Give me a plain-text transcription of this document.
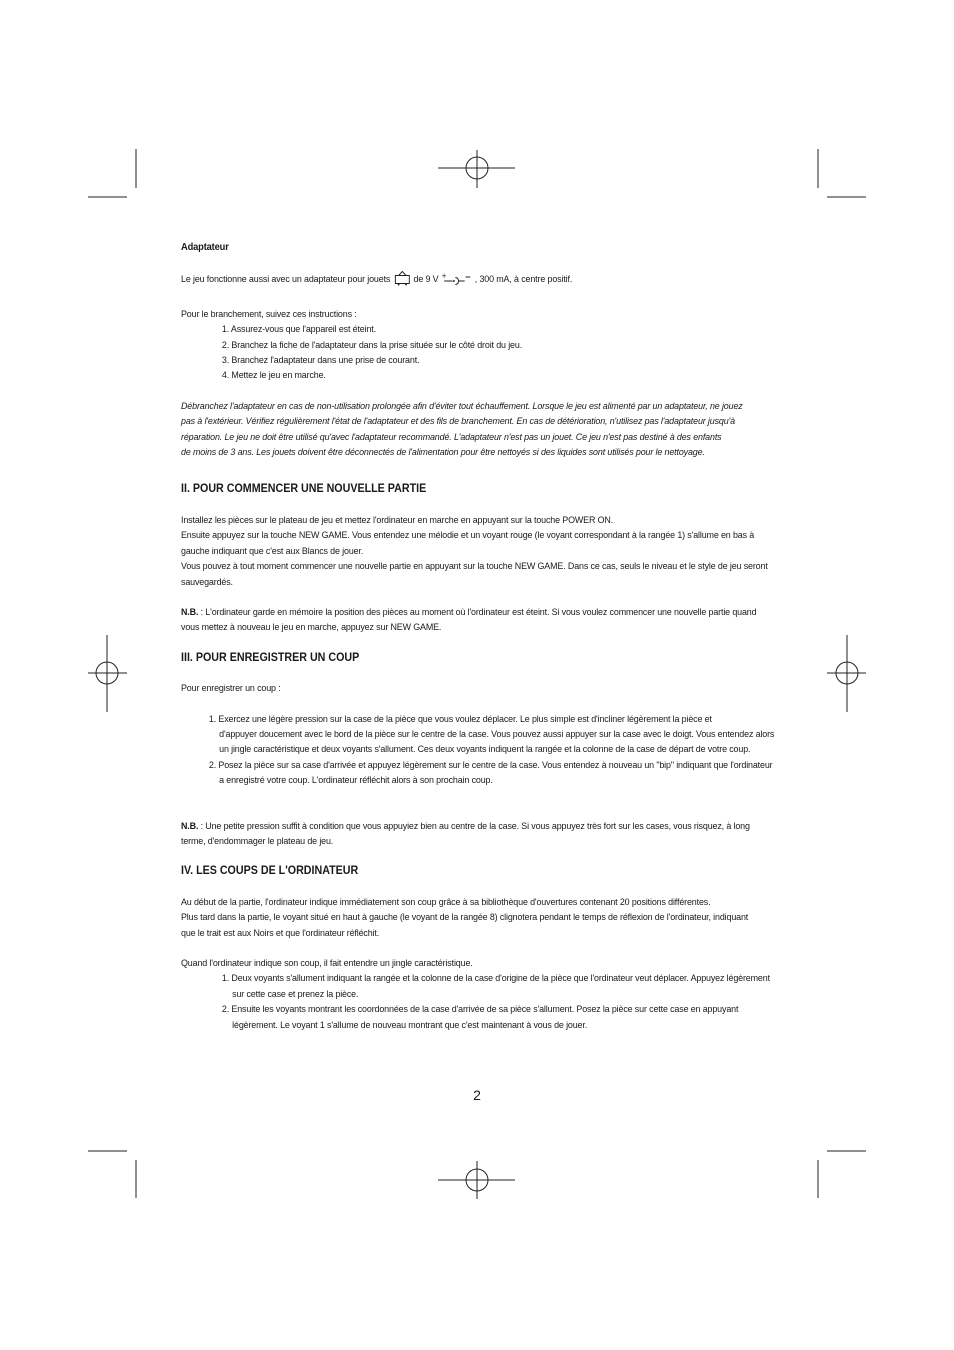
Adaptateur

Le jeu fonctionne aussi avec un adaptateur pour jouets de 9 V +	, 300 mA, à centre positif.

Pour le branchement, suivez ces instructions :

1. Assurez-vous que l'appareil est éteint.

2. Branchez la fiche de l'adaptateur dans la prise située sur le côté droit du jeu.

3. Branchez l'adaptateur dans une prise de courant.

4. Mettez le jeu en marche.

Débranchez l'adaptateur en cas de non-utilisation prolongée afin d'éviter tout échauffement. Lorsque le jeu est alimenté par un adaptateur, ne jouez

pas à l'extérieur. Vérifiez régulièrement l'état de l'adaptateur et des fils de branchement. En cas de détérioration, n'utilisez pas l'adaptateur jusqu'à

réparation. Le jeu ne doit être utilisé qu'avec l'adaptateur recommandé. L'adaptateur n'est pas un jouet. Ce jeu n'est pas destiné à des enfants

de moins de 3 ans. Les jouets doivent être déconnectés de l'alimentation pour être nettoyés si des liquides sont utilisés pour le nettoyage.

II. POUR COMMENCER UNE NOUVELLE PARTIE

Installez les pièces sur le plateau de jeu et mettez l'ordinateur en marche en appuyant sur la touche POWER ON.

Ensuite appuyez sur la touche NEW GAME. Vous entendez une mélodie et un voyant rouge (le voyant correspondant à la rangée 1) s'allume en bas à

gauche indiquant que c'est aux Blancs de jouer.

Vous pouvez à tout moment commencer une nouvelle partie en appuyant sur la touche NEW GAME. Dans ce cas, seuls le niveau et le style de jeu seront

sauvegardés.

N.B. : L'ordinateur garde en mémoire la position des pièces au moment où l'ordinateur est éteint. Si vous voulez commencer une nouvelle partie quand

vous mettez à nouveau le jeu en marche, appuyez sur NEW GAME.

III. POUR ENREGISTRER UN COUP

Pour enregistrer un coup :

1. Exercez une légère pression sur la case de la pièce que vous voulez déplacer. Le plus simple est d'incliner légèrement la pièce et

d'appuyer doucement avec le bord de la pièce sur le centre de la case. Vous pouvez aussi appuyer sur la case avec le doigt. Vous entendez alors

un jingle caractéristique et deux voyants s'allument. Ces deux voyants indiquent la rangée et la colonne de la case de départ de votre coup.

2. Posez la pièce sur sa case d'arrivée et appuyez légèrement sur le centre de la case. Vous entendez à nouveau un "bip" indiquant que l'ordinateur

a enregistré votre coup. L'ordinateur réfléchit alors à son prochain coup.

N.B. : Une petite pression suffit à condition que vous appuyiez bien au centre de la case. Si vous appuyez très fort sur les cases, vous risquez, à long

terme, d'endommager le plateau de jeu.

IV. LES COUPS DE L'ORDINATEUR

Au début de la partie, l'ordinateur indique immédiatement son coup grâce à sa bibliothèque d'ouvertures contenant 20 positions différentes.

Plus tard dans la partie, le voyant situé en haut à gauche (le voyant de la rangée 8) clignotera pendant le temps de réflexion de l'ordinateur, indiquant

que le trait est aux Noirs et que l'ordinateur réfléchit.

Quand l'ordinateur indique son coup, il fait entendre un jingle caractéristique.

1. Deux voyants s'allument indiquant la rangée et la colonne de la case d'origine de la pièce que l'ordinateur veut déplacer. Appuyez légèrement

sur cette case et prenez la pièce.

2. Ensuite les voyants montrant les coordonnées de la case d'arrivée de sa pièce s'allument. Posez la pièce sur cette case en appuyant

légèrement. Le voyant 1 s'allume de nouveau montrant que c'est maintenant à vous de jouer.

2
